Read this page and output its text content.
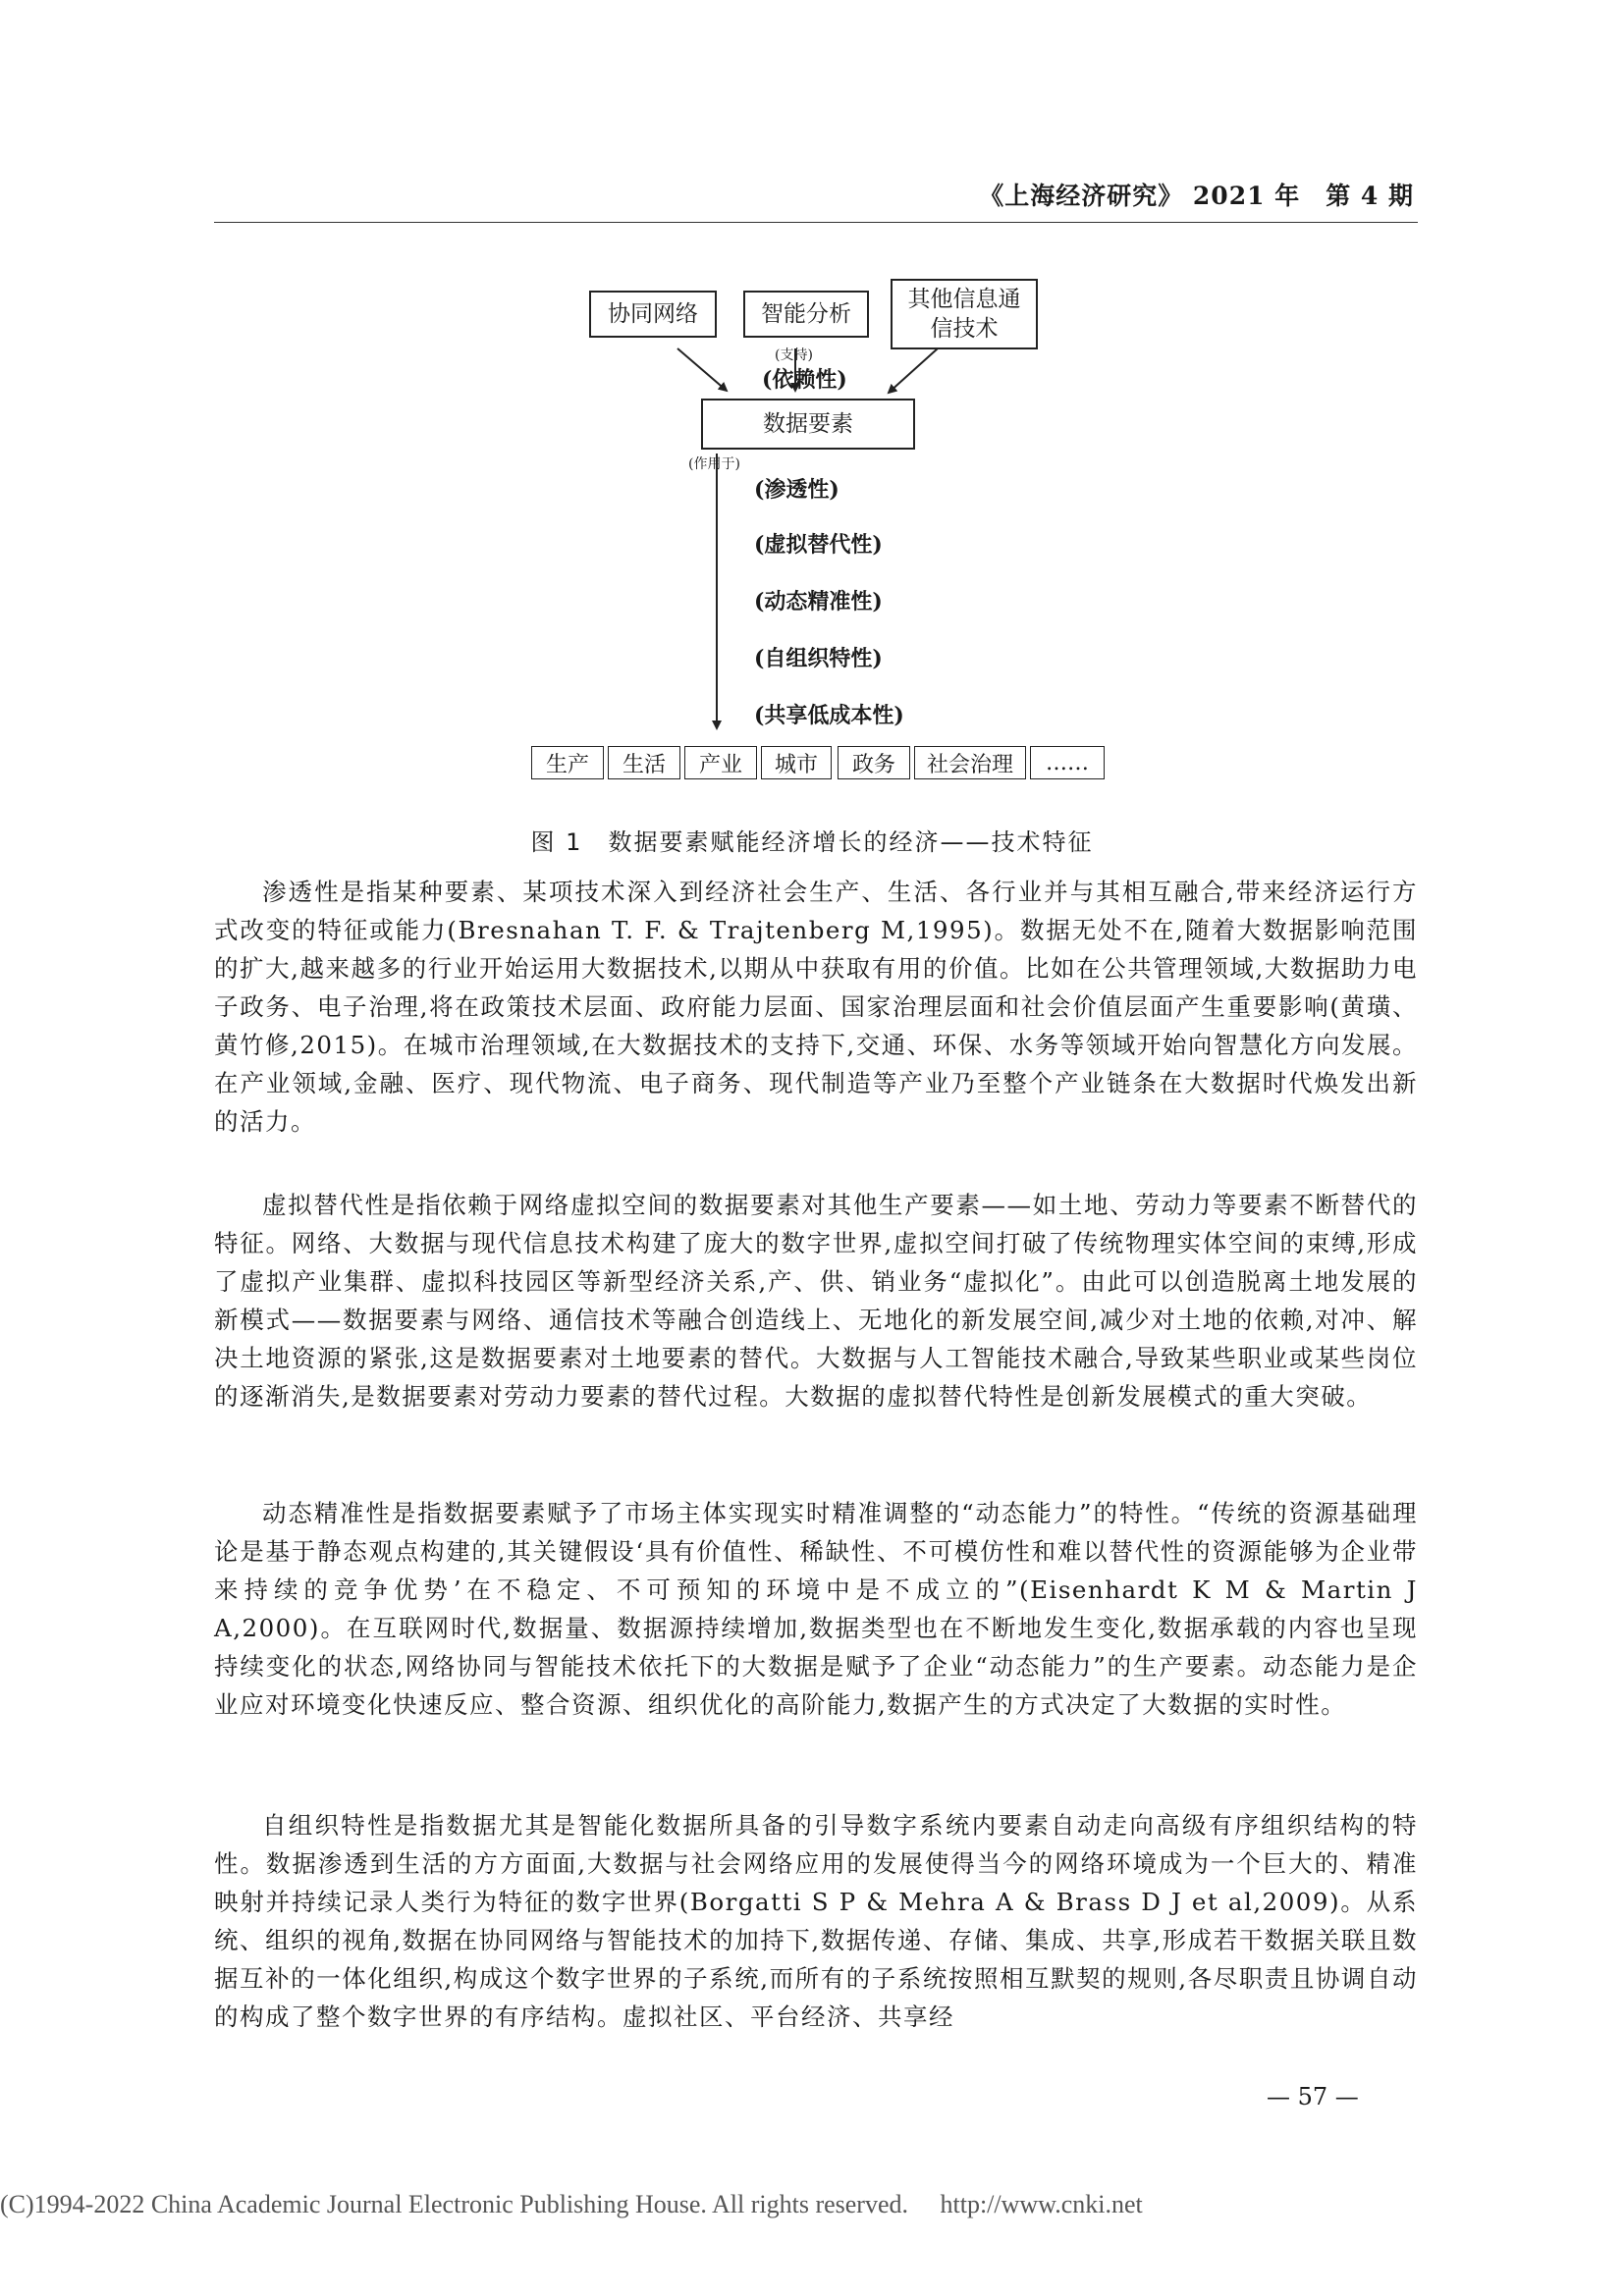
《上海经济研究》 2021 年　第 4 期
协同网络	智能分析
其他信息通信技术
(支持)
(依赖性)
数据要素
(作用于)
(渗透性)
(虚拟替代性)
(动态精准性)
(自组织特性)
(共享低成本性)
生产	生活	产业	城市	政务	社会治理	……
图 1　数据要素赋能经济增长的经济——技术特征

渗透性是指某种要素、某项技术深入到经济社会生产、生活、各行业并与其相互融合,带来经济运行方式改变的特征或能力(Bresnahan T. F. & Trajtenberg M,1995)。数据无处不在,随着大数据影响范围的扩大,越来越多的行业开始运用大数据技术,以期从中获取有用的价值。比如在公共管理领域,大数据助力电子政务、电子治理,将在政策技术层面、政府能力层面、国家治理层面和社会价值层面产生重要影响(黄璜、黄竹修,2015)。在城市治理领域,在大数据技术的支持下,交通、环保、水务等领域开始向智慧化方向发展。在产业领域,金融、医疗、现代物流、电子商务、现代制造等产业乃至整个产业链条在大数据时代焕发出新的活力。

虚拟替代性是指依赖于网络虚拟空间的数据要素对其他生产要素——如土地、劳动力等要素不断替代的特征。网络、大数据与现代信息技术构建了庞大的数字世界,虚拟空间打破了传统物理实体空间的束缚,形成了虚拟产业集群、虚拟科技园区等新型经济关系,产、供、销业务“虚拟化”。由此可以创造脱离土地发展的新模式——数据要素与网络、通信技术等融合创造线上、无地化的新发展空间,减少对土地的依赖,对冲、解决土地资源的紧张,这是数据要素对土地要素的替代。大数据与人工智能技术融合,导致某些职业或某些岗位的逐渐消失,是数据要素对劳动力要素的替代过程。大数据的虚拟替代特性是创新发展模式的重大突破。

动态精准性是指数据要素赋予了市场主体实现实时精准调整的“动态能力”的特性。“传统的资源基础理论是基于静态观点构建的,其关键假设‘具有价值性、稀缺性、不可模仿性和难以替代性的资源能够为企业带来持续的竞争优势’在不稳定、不可预知的环境中是不成立的”(Eisenhardt K M & Martin J A,2000)。在互联网时代,数据量、数据源持续增加,数据类型也在不断地发生变化,数据承载的内容也呈现持续变化的状态,网络协同与智能技术依托下的大数据是赋予了企业“动态能力”的生产要素。动态能力是企业应对环境变化快速反应、整合资源、组织优化的高阶能力,数据产生的方式决定了大数据的实时性。

自组织特性是指数据尤其是智能化数据所具备的引导数字系统内要素自动走向高级有序组织结构的特性。数据渗透到生活的方方面面,大数据与社会网络应用的发展使得当今的网络环境成为一个巨大的、精准映射并持续记录人类行为特征的数字世界(Borgatti S P & Mehra A & Brass D J et al,2009)。从系统、组织的视角,数据在协同网络与智能技术的加持下,数据传递、存储、集成、共享,形成若干数据关联且数据互补的一体化组织,构成这个数字世界的子系统,而所有的子系统按照相互默契的规则,各尽职责且协调自动的构成了整个数字世界的有序结构。虚拟社区、平台经济、共享经

— 57 —
(C)1994-2022 China Academic Journal Electronic Publishing House. All rights reserved.　 http://www.cnki.net
